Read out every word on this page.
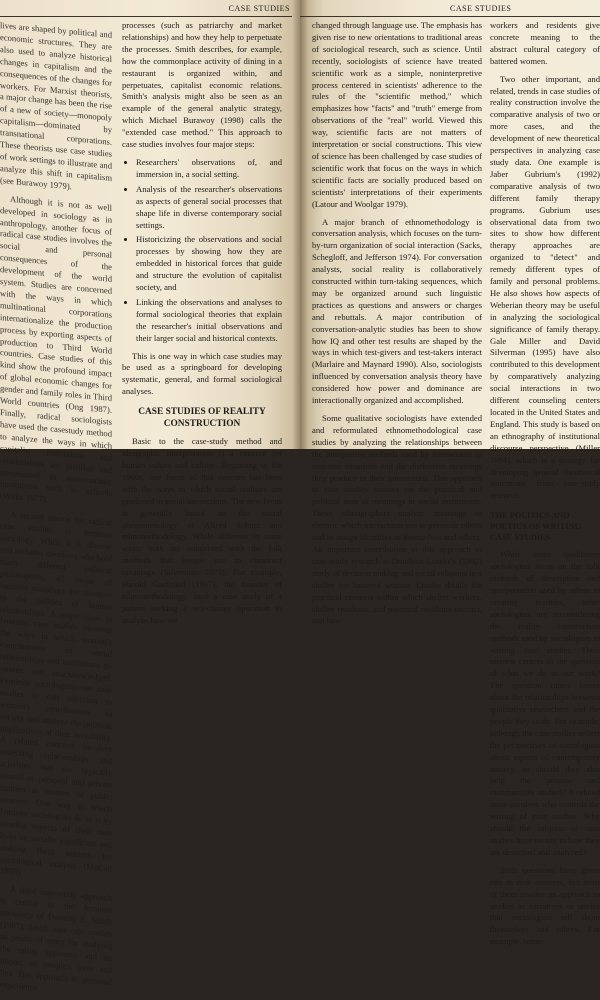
CASE STUDIES

lives are shaped by political and economic structures. They are also used to analyze historical changes in capitalism and the consequences of the changes for workers. For Marxist theorists, a major change has been the rise of a new of society—monopoly capitalism—dominated by transnational corporations. These theorists use case studies of work settings to illustrate and analyze this shift in capitalism (see Burawoy 1979).

Although it is not as well developed in sociology as in anthropology, another focus of radical case studies involves the social and personal consequences of the development of the world system. Studies are concerned with the ways in which multinational corporations internationalize the production process by exporting aspects of production to Third World countries. Case studies of this kind show the profound impact of global economic changes for gender and family roles in Third World countries (Ong 1987). Finally, radical sociologists have used the casestudy method to analyze the ways in which capitalist institutions and relationships are justified and perpetuated in noneconomic institutions such as schools (Willis 1977).

A second source for radical case studies is feminist sociology. While it is diverse and includes members who hold many different political philosophies, all forms of feminist sociology are attentive to the politics of human relationships. A major issue in feminist case studies involves the ways in which women's contributions to social relationships and institutions go unseen and unacknowledged. Feminist sociologists use case studies to call attention to women's contributions to society and analyze the political implications of their invisibility. A related concern involves analyzing relationships and activities that are typically treated as personal and private matters as matters of public concern. One way in which feminist sociologists do so is by treating aspects of their own lives as socially significant and making them matters for sociological analysis (McCall 1995).

A third case-study approach is central to the feminist sociology of Dorothy E. Smith (1987). Smith uses case studies as points of entry for studying the ruling apparatus and its impact on people's lives and lies. Her approach to personal experience

processes (such as patriarchy and market relationships) and how they help to perpetuate the processes. Smith describes, for example, how the commonplace activity of dining in a restaurant is organized within, and perpetuates, capitalist economic relations. Smith's analysis might also be seen as an example of the general analytic strategy, which Michael Burawoy (1998) calls the "extended case method." This approach to case studies involves four major steps:

• Researchers' observations of, and immersion in, a social setting.
• Analysis of the researcher's observations as aspects of general social processes that shape life in diverse contemporary social settings.
• Historicizing the observations and social processes by showing how they are embedded in historical forces that guide and structure the evolution of capitalist society, and
• Linking the observations and analyses to formal sociological theories that explain the researcher's initial observations and their larger social and historical contexts.

This is one way in which case studies may be used as a springboard for developing systematic, general, and formal sociological analyses.

CASE STUDIES OF REALITY CONSTRUCTION

Basic to the case-study method and idiographic interpretation is a concern for human values and culture. Beginning in the 1960s, one focus of this concern has been with the ways in which social realities are produced in social interactions. The new focus is generally based on the social phenomenology of Alfred Schutz and ethnomethodology. While different in some ways, both are concerned with the folk methods that people use to construct meanings (Silverman 1975). For example, Harold Garfinkel (1967), the founder of ethnomethodology, used a case study of a patient seeking a sex-change operation to analyze how we

CASE STUDIES

changed through language use. The emphasis has given rise to new orientations to traditional areas of sociological research, such as science. Until recently, sociologists of science have treated scientific work as a simple, noninterpretive process centered in scientists' adherence to the rules of the "scientific method," which emphasizes how "facts" and "truth" emerge from observations of the "real" world. Viewed this way, scientific facts are not matters of interpretation or social constructions. This view of science has been challenged by case studies of scientific work that focus on the ways in which scientific facts are socially produced based on scientists' interpretations of their experiments (Latour and Woolgar 1979).

A major branch of ethnomethodology is conversation analysis, which focuses on the turn-by-turn organization of social interaction (Sacks, Schegloff, and Jefferson 1974). For conversation analysts, social reality is collaboratively constructed within turn-taking sequences, which may be organized around such linguistic practices as questions and answers or charges and rebuttals. A major contribution of conversation-analytic studies has been to show how IQ and other test results are shaped by the ways in which test-givers and test-takers interact (Marlaire and Maynard 1990). Also, sociologists influenced by conversation analysis theory have considered how power and dominance are interactionally organized and accomplished.

Some qualitative sociologists have extended and reformulated ethnomethodological case studies by analyzing the relationships between the interpretive methods used by interactants in concrete situations and the distinctive meanings they produce in their interactions. This approach to case studies focuses on the practical and political uses of meanings in social institutions. These ethnographers analyze meanings as rhetoric which interactants use to persuade others and to assign identities to themselves and others. An important contribution to this approach to case-study research is Donileen Loseke's (1992) study of decision making and social relations in a shelter for battered women. Loseke details the practical contexts within which shelter workers, shelter residents, and potential residents interact, and how

workers and residents give concrete meaning to the abstract cultural category of battered women.

Two other important, and related, trends in case studies of reality construction involve the comparative analysis of two or more cases, and the development of new theoretical perspectives in analyzing case study data. One example is Jaber Gubrium's (1992) comparative analysis of two different family therapy programs. Gubrium uses observational data from two sites to show how different therapy approaches are organized to "detect" and remedy different types of family and personal problems. He also shows how aspects of Weberian theory may be useful in analyzing the sociological significance of family therapy. Gale Miller and David Silverman (1995) have also contributed to this development by comparatively analyzing social interactions in two different counseling centers located in the United States and England. This study is based on an ethnography of institutional discourse perspective (Miller 1994), which is a strategy for developing general theoretical statements from case-study research.

THE POLITICS AND POETICS OF WRITING CASE STUDIES

While some qualitative sociologists focus on the folk methods of description and interpretation used by others in creating realities, other sociologists are reconsidering the reality construction methods used by sociologists in writing case studies. Their interest centers in the question of what we do in our work? The question raises issues about the relationships between qualitative researchers and the people they study. For example, although the case studies reflect the perspectives of sociologists about aspects of contemporary society, so should they also help the persons and communities studied? A related issue involves who controls the writing of case studies. Why should the subjects of case studies have no say in how they are described and analyzed?

Such questions have given rise to new answers, but most of them involve an approach to studies as narratives or stories that sociologists tell about themselves and others. For example, some
